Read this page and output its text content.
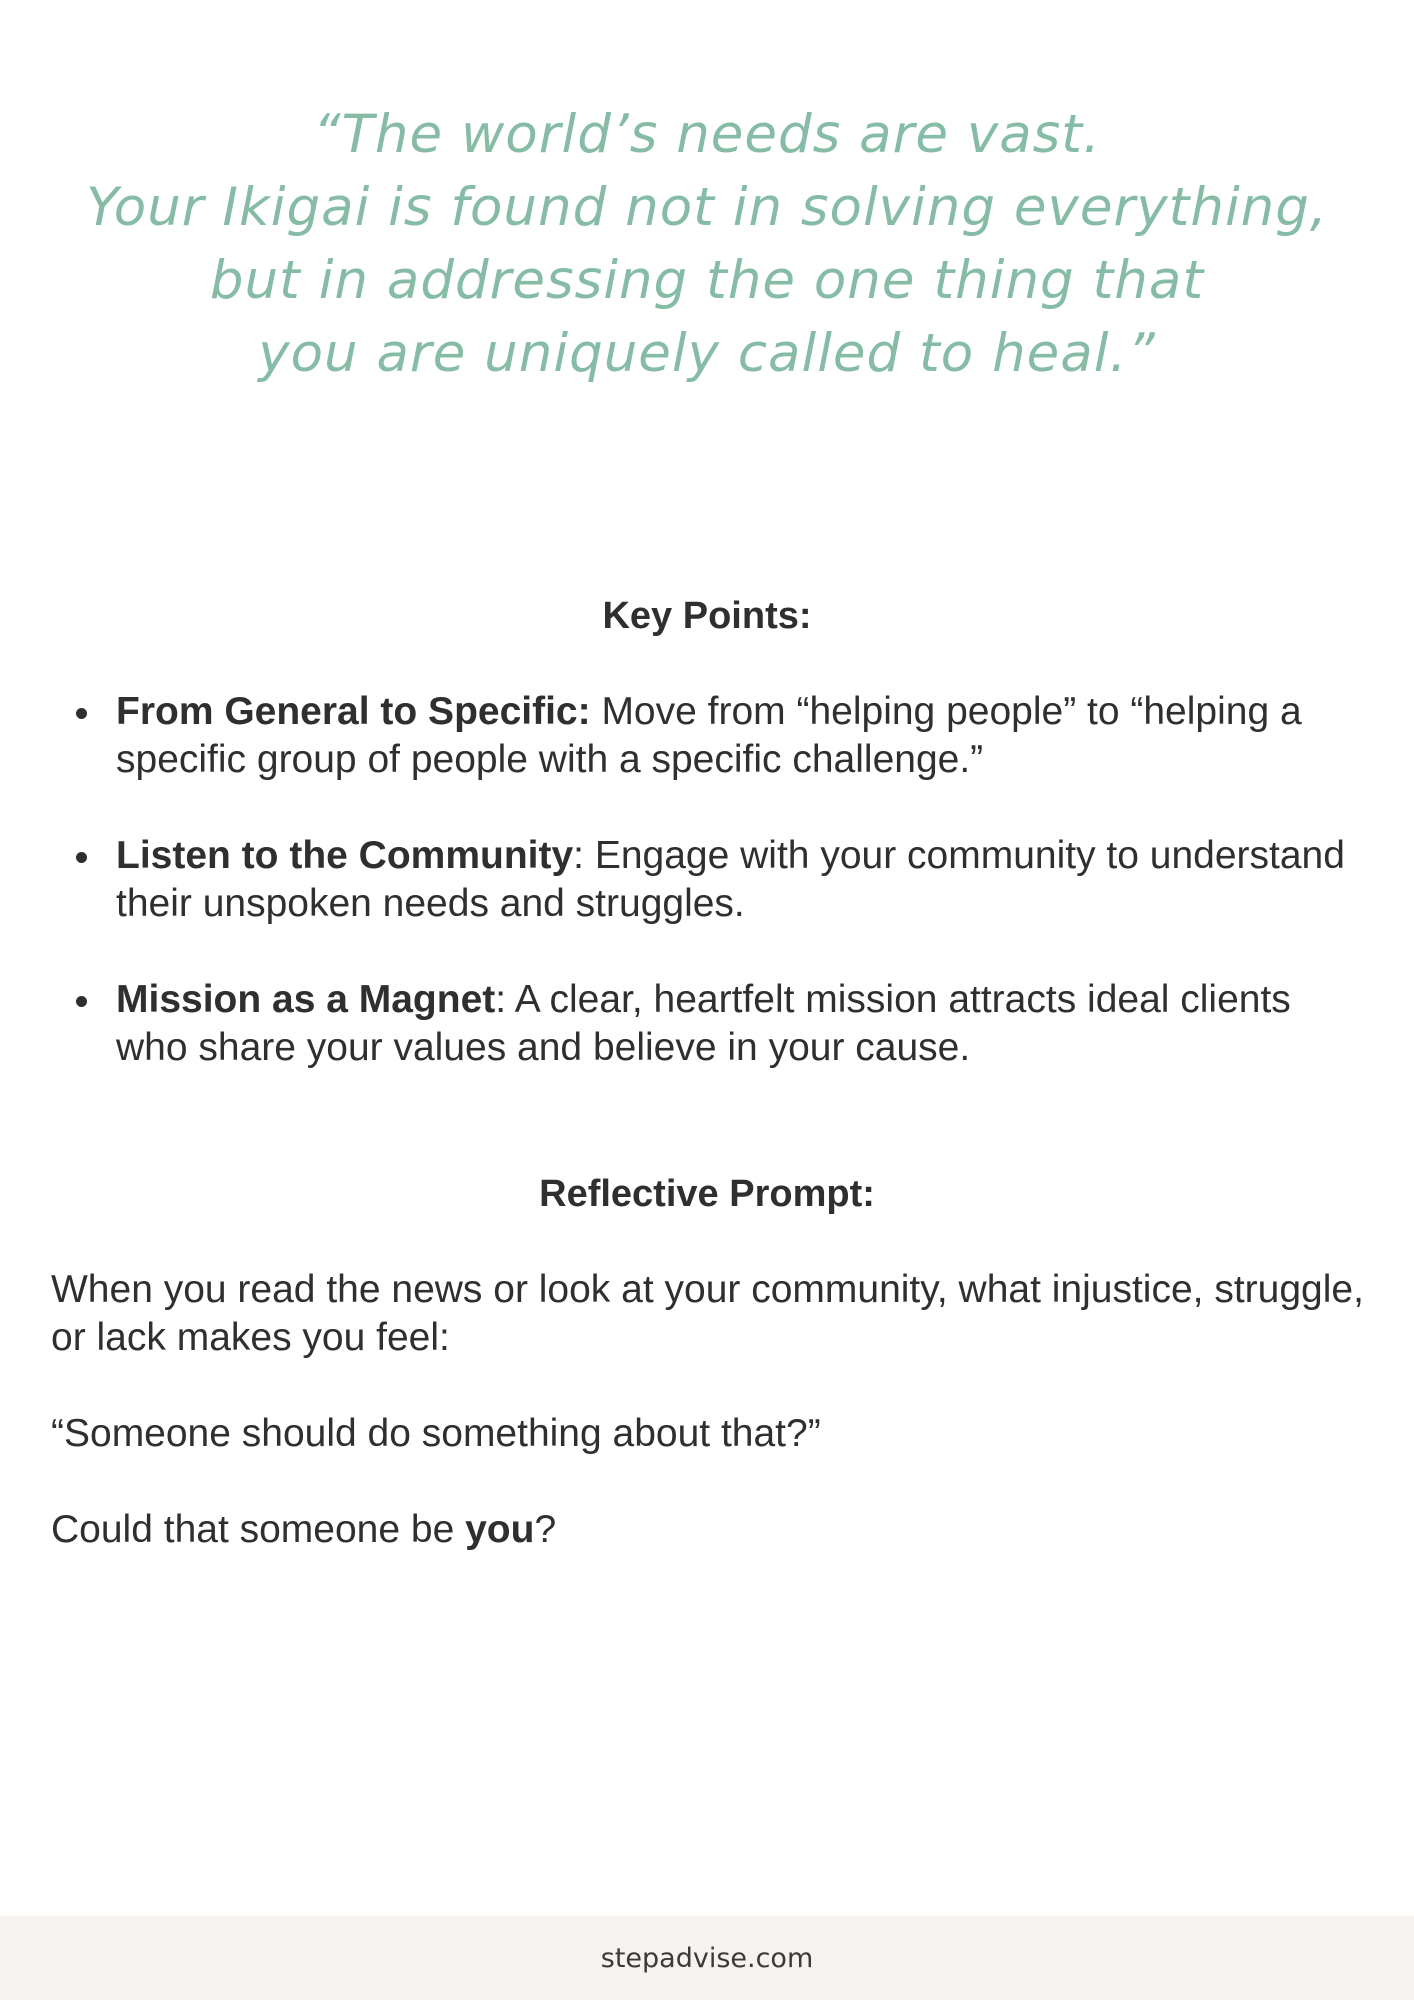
“The world’s needs are vast.
Your Ikigai is found not in solving everything,
but in addressing the one thing that
you are uniquely called to heal.”
Key Points:
From General to Specific: Move from “helping people” to “helping a specific group of people with a specific challenge.”
Listen to the Community: Engage with your community to understand their unspoken needs and struggles.
Mission as a Magnet: A clear, heartfelt mission attracts ideal clients who share your values and believe in your cause.
Reflective Prompt:

When you read the news or look at your community, what injustice, struggle, or lack makes you feel:

“Someone should do something about that?”

Could that someone be you?

stepadvise.com
